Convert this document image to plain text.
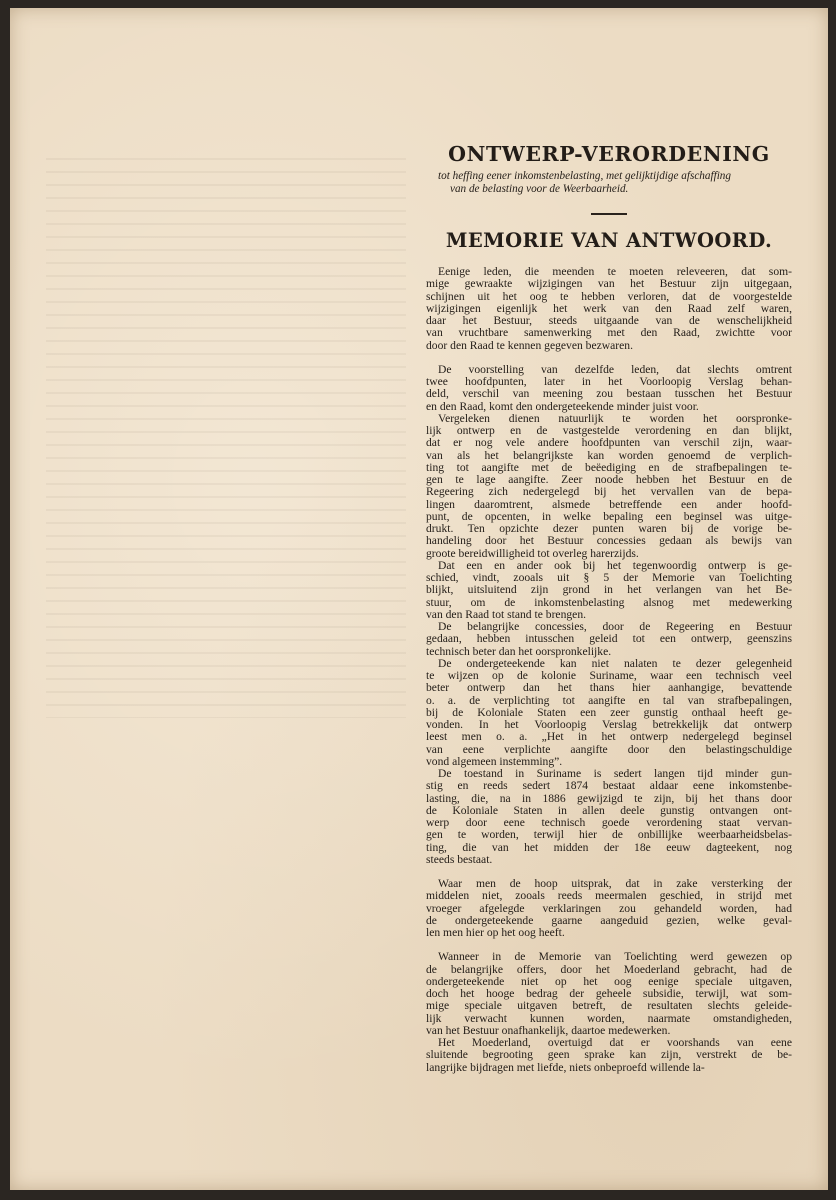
ONTWERP-VERORDENING
tot heffing eener inkomstenbelasting, met gelijktijdige afschaffing
van de belasting voor de Weerbaarheid.
MEMORIE VAN ANTWOORD.

Eenige leden, die meenden te moeten releveeren, dat som-
mige gewraakte wijzigingen van het Bestuur zijn uitgegaan,
schijnen uit het oog te hebben verloren, dat de voorgestelde
wijzigingen eigenlijk het werk van den Raad zelf waren,
daar het Bestuur, steeds uitgaande van de wenschelijkheid
van vruchtbare samenwerking met den Raad, zwichtte voor
door den Raad te kennen gegeven bezwaren.

De voorstelling van dezelfde leden, dat slechts omtrent
twee hoofdpunten, later in het Voorloopig Verslag behan-
deld, verschil van meening zou bestaan tusschen het Bestuur
en den Raad, komt den ondergeteekende minder juist voor.

Vergeleken dienen natuurlijk te worden het oorspronke-
lijk ontwerp en de vastgestelde verordening en dan blijkt,
dat er nog vele andere hoofdpunten van verschil zijn, waar-
van als het belangrijkste kan worden genoemd de verplich-
ting tot aangifte met de beëediging en de strafbepalingen te-
gen te lage aangifte. Zeer noode hebben het Bestuur en de
Regeering zich nedergelegd bij het vervallen van de bepa-
lingen daaromtrent, alsmede betreffende een ander hoofd-
punt, de opcenten, in welke bepaling een beginsel was uitge-
drukt. Ten opzichte dezer punten waren bij de vorige be-
handeling door het Bestuur concessies gedaan als bewijs van
groote bereidwilligheid tot overleg harerzijds.

Dat een en ander ook bij het tegenwoordig ontwerp is ge-
schied, vindt, zooals uit § 5 der Memorie van Toelichting
blijkt, uitsluitend zijn grond in het verlangen van het Be-
stuur, om de inkomstenbelasting alsnog met medewerking
van den Raad tot stand te brengen.

De belangrijke concessies, door de Regeering en Bestuur
gedaan, hebben intusschen geleid tot een ontwerp, geenszins
technisch beter dan het oorspronkelijke.

De ondergeteekende kan niet nalaten te dezer gelegenheid
te wijzen op de kolonie Suriname, waar een technisch veel
beter ontwerp dan het thans hier aanhangige, bevattende
o. a. de verplichting tot aangifte en tal van strafbepalingen,
bij de Koloniale Staten een zeer gunstig onthaal heeft ge-
vonden. In het Voorloopig Verslag betrekkelijk dat ontwerp
leest men o. a. „Het in het ontwerp nedergelegd beginsel
van eene verplichte aangifte door den belastingschuldige
vond algemeen instemming”.

De toestand in Suriname is sedert langen tijd minder gun-
stig en reeds sedert 1874 bestaat aldaar eene inkomstenbe-
lasting, die, na in 1886 gewijzigd te zijn, bij het thans door
de Koloniale Staten in allen deele gunstig ontvangen ont-
werp door eene technisch goede verordening staat vervan-
gen te worden, terwijl hier de onbillijke weerbaarheidsbelas-
ting, die van het midden der 18e eeuw dagteekent, nog
steeds bestaat.

Waar men de hoop uitsprak, dat in zake versterking der
middelen niet, zooals reeds meermalen geschied, in strijd met
vroeger afgelegde verklaringen zou gehandeld worden, had
de ondergeteekende gaarne aangeduid gezien, welke geval-
len men hier op het oog heeft.

Wanneer in de Memorie van Toelichting werd gewezen op
de belangrijke offers, door het Moederland gebracht, had de
ondergeteekende niet op het oog eenige speciale uitgaven,
doch het hooge bedrag der geheele subsidie, terwijl, wat som-
mige speciale uitgaven betreft, de resultaten slechts geleide-
lijk verwacht kunnen worden, naarmate omstandigheden,
van het Bestuur onafhankelijk, daartoe medewerken.

Het Moederland, overtuigd dat er voorshands van eene
sluitende begrooting geen sprake kan zijn, verstrekt de be-
langrijke bijdragen met liefde, niets onbeproefd willende la-
